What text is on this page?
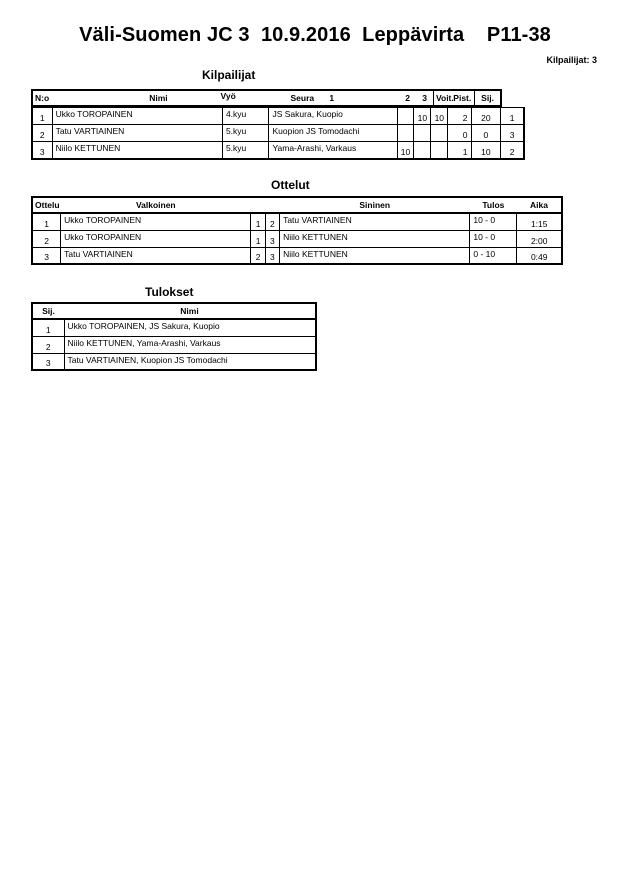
Väli-Suomen JC 3  10.9.2016  Leppävirta    P11-38
Kilpailijat: 3
Kilpailijat
N:o	Nimi	Vyö	Seura	1	2	3	Voit.	Pist.	Sij.
1	Ukko TOROPAINEN	4.kyu	JS Sakura, Kuopio		10	10	2	20	1
2	Tatu VARTIAINEN	5.kyu	Kuopion JS Tomodachi				0	0	3
3	Niilo KETTUNEN	5.kyu	Yama-Arashi, Varkaus	10			1	10	2
Ottelut
Ottelu	Valkoinen			Sininen	Tulos	Aika
1	Ukko TOROPAINEN	1	2	Tatu VARTIAINEN	10 - 0	1:15
2	Ukko TOROPAINEN	1	3	Niilo KETTUNEN	10 - 0	2:00
3	Tatu VARTIAINEN	2	3	Niilo KETTUNEN	0 - 10	0:49
Tulokset
Sij.	Nimi
1	Ukko TOROPAINEN, JS Sakura, Kuopio
2	Niilo KETTUNEN, Yama-Arashi, Varkaus
3	Tatu VARTIAINEN, Kuopion JS Tomodachi
